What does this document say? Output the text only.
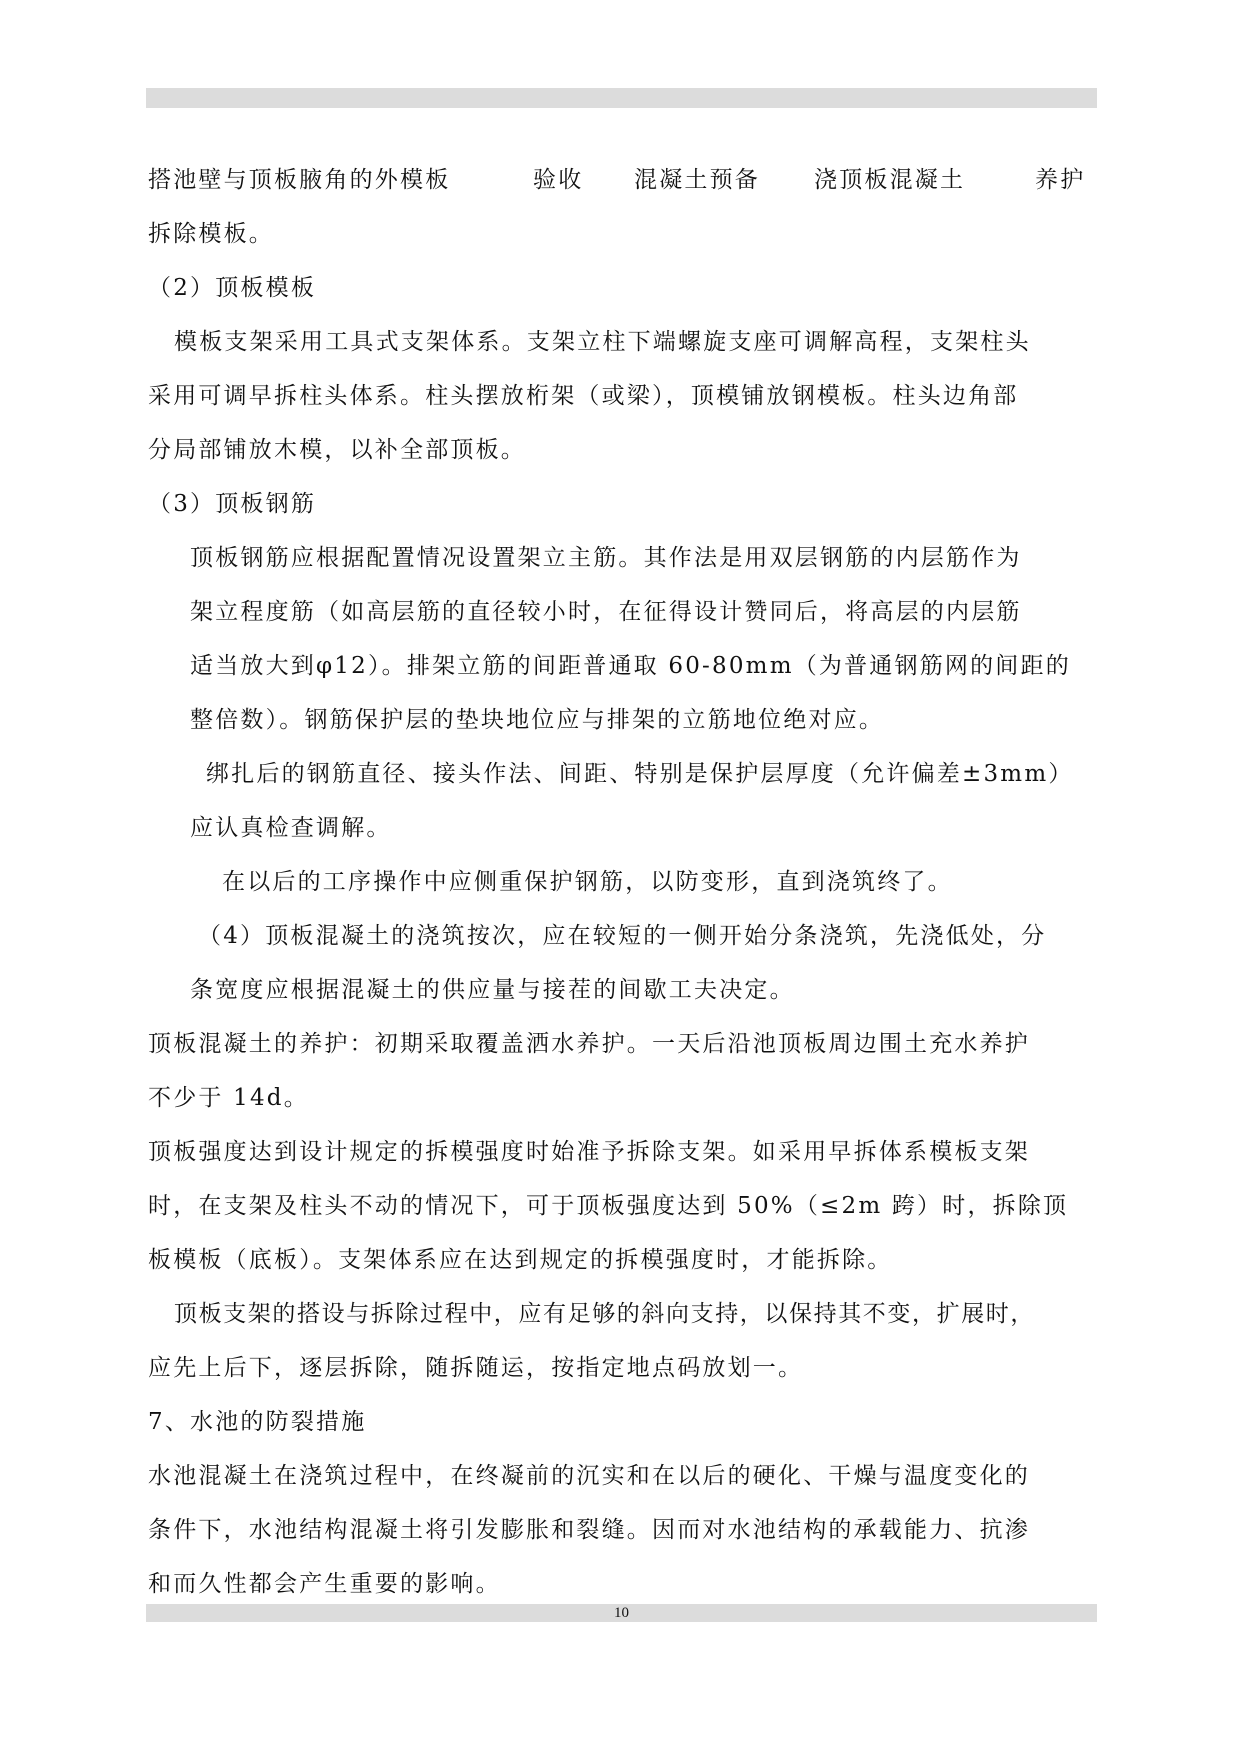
搭池壁与顶板腋角的外模板	验收 混凝土预备 浇顶板混凝土	养护
拆除模板。
（2）顶板模板
模板支架采用工具式支架体系。支架立柱下端螺旋支座可调解高程，支架柱头
采用可调早拆柱头体系。柱头摆放桁架（或梁），顶模铺放钢模板。柱头边角部
分局部铺放木模，以补全部顶板。
（3）顶板钢筋
顶板钢筋应根据配置情况设置架立主筋。其作法是用双层钢筋的内层筋作为
架立程度筋（如高层筋的直径较小时，在征得设计赞同后，将高层的内层筋
适当放大到φ12）。排架立筋的间距普通取 60-80mm（为普通钢筋网的间距的
整倍数）。钢筋保护层的垫块地位应与排架的立筋地位绝对应。
绑扎后的钢筋直径、接头作法、间距、特别是保护层厚度（允许偏差±3mm）
应认真检查调解。
在以后的工序操作中应侧重保护钢筋，以防变形，直到浇筑终了。
（4）顶板混凝土的浇筑按次，应在较短的一侧开始分条浇筑，先浇低处，分
条宽度应根据混凝土的供应量与接茬的间歇工夫决定。
顶板混凝土的养护：初期采取覆盖洒水养护。一天后沿池顶板周边围土充水养护
不少于 14d。
顶板强度达到设计规定的拆模强度时始准予拆除支架。如采用早拆体系模板支架
时，在支架及柱头不动的情况下，可于顶板强度达到 50%（≤2m 跨）时，拆除顶
板模板（底板）。支架体系应在达到规定的拆模强度时，才能拆除。
顶板支架的搭设与拆除过程中，应有足够的斜向支持，以保持其不变，扩展时，
应先上后下，逐层拆除，随拆随运，按指定地点码放划一。
7、水池的防裂措施
水池混凝土在浇筑过程中，在终凝前的沉实和在以后的硬化、干燥与温度变化的
条件下，水池结构混凝土将引发膨胀和裂缝。因而对水池结构的承载能力、抗渗
和而久性都会产生重要的影响。
10
